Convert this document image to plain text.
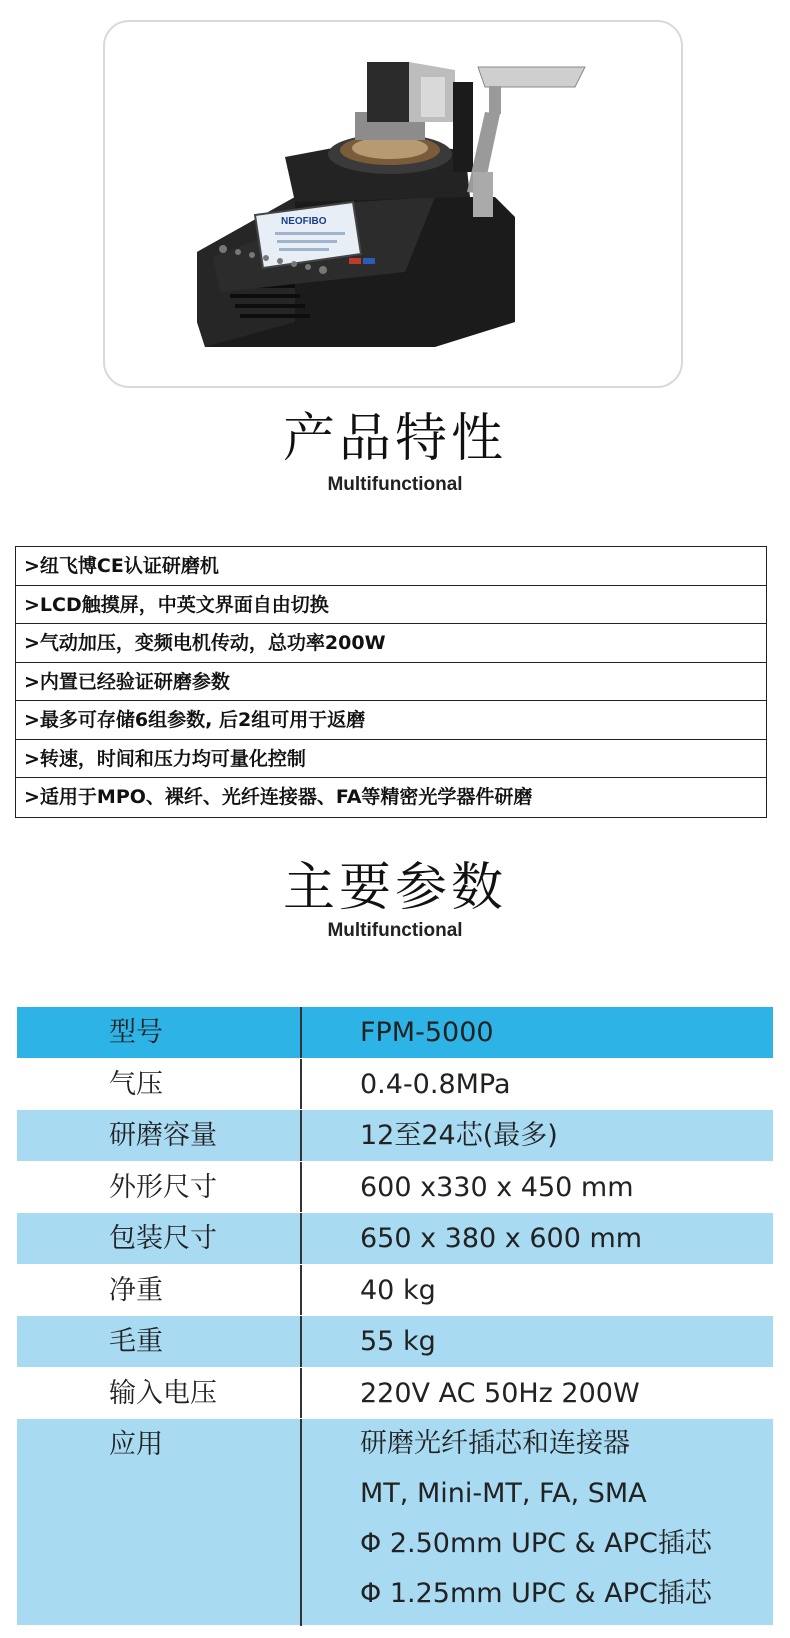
NEOFIBO
产品特性
Multifunctional
>纽飞博CE认证研磨机
>LCD触摸屏，中英文界面自由切换
>气动加压，变频电机传动，总功率200W
>内置已经验证研磨参数
>最多可存储6组参数, 后2组可用于返磨
>转速，时间和压力均可量化控制
>适用于MPO、裸纤、光纤连接器、FA等精密光学器件研磨
主要参数
Multifunctional
型号	FPM-5000
气压	0.4-0.8MPa
研磨容量	12至24芯(最多)
外形尺寸	600 x330 x 450 mm
包装尺寸	650 x 380 x 600 mm
净重	40 kg
毛重	55 kg
输入电压	220V AC 50Hz 200W
应用	研磨光纤插芯和连接器
MT, Mini-MT, FA, SMA
Φ 2.50mm UPC & APC插芯
Φ 1.25mm UPC & APC插芯
